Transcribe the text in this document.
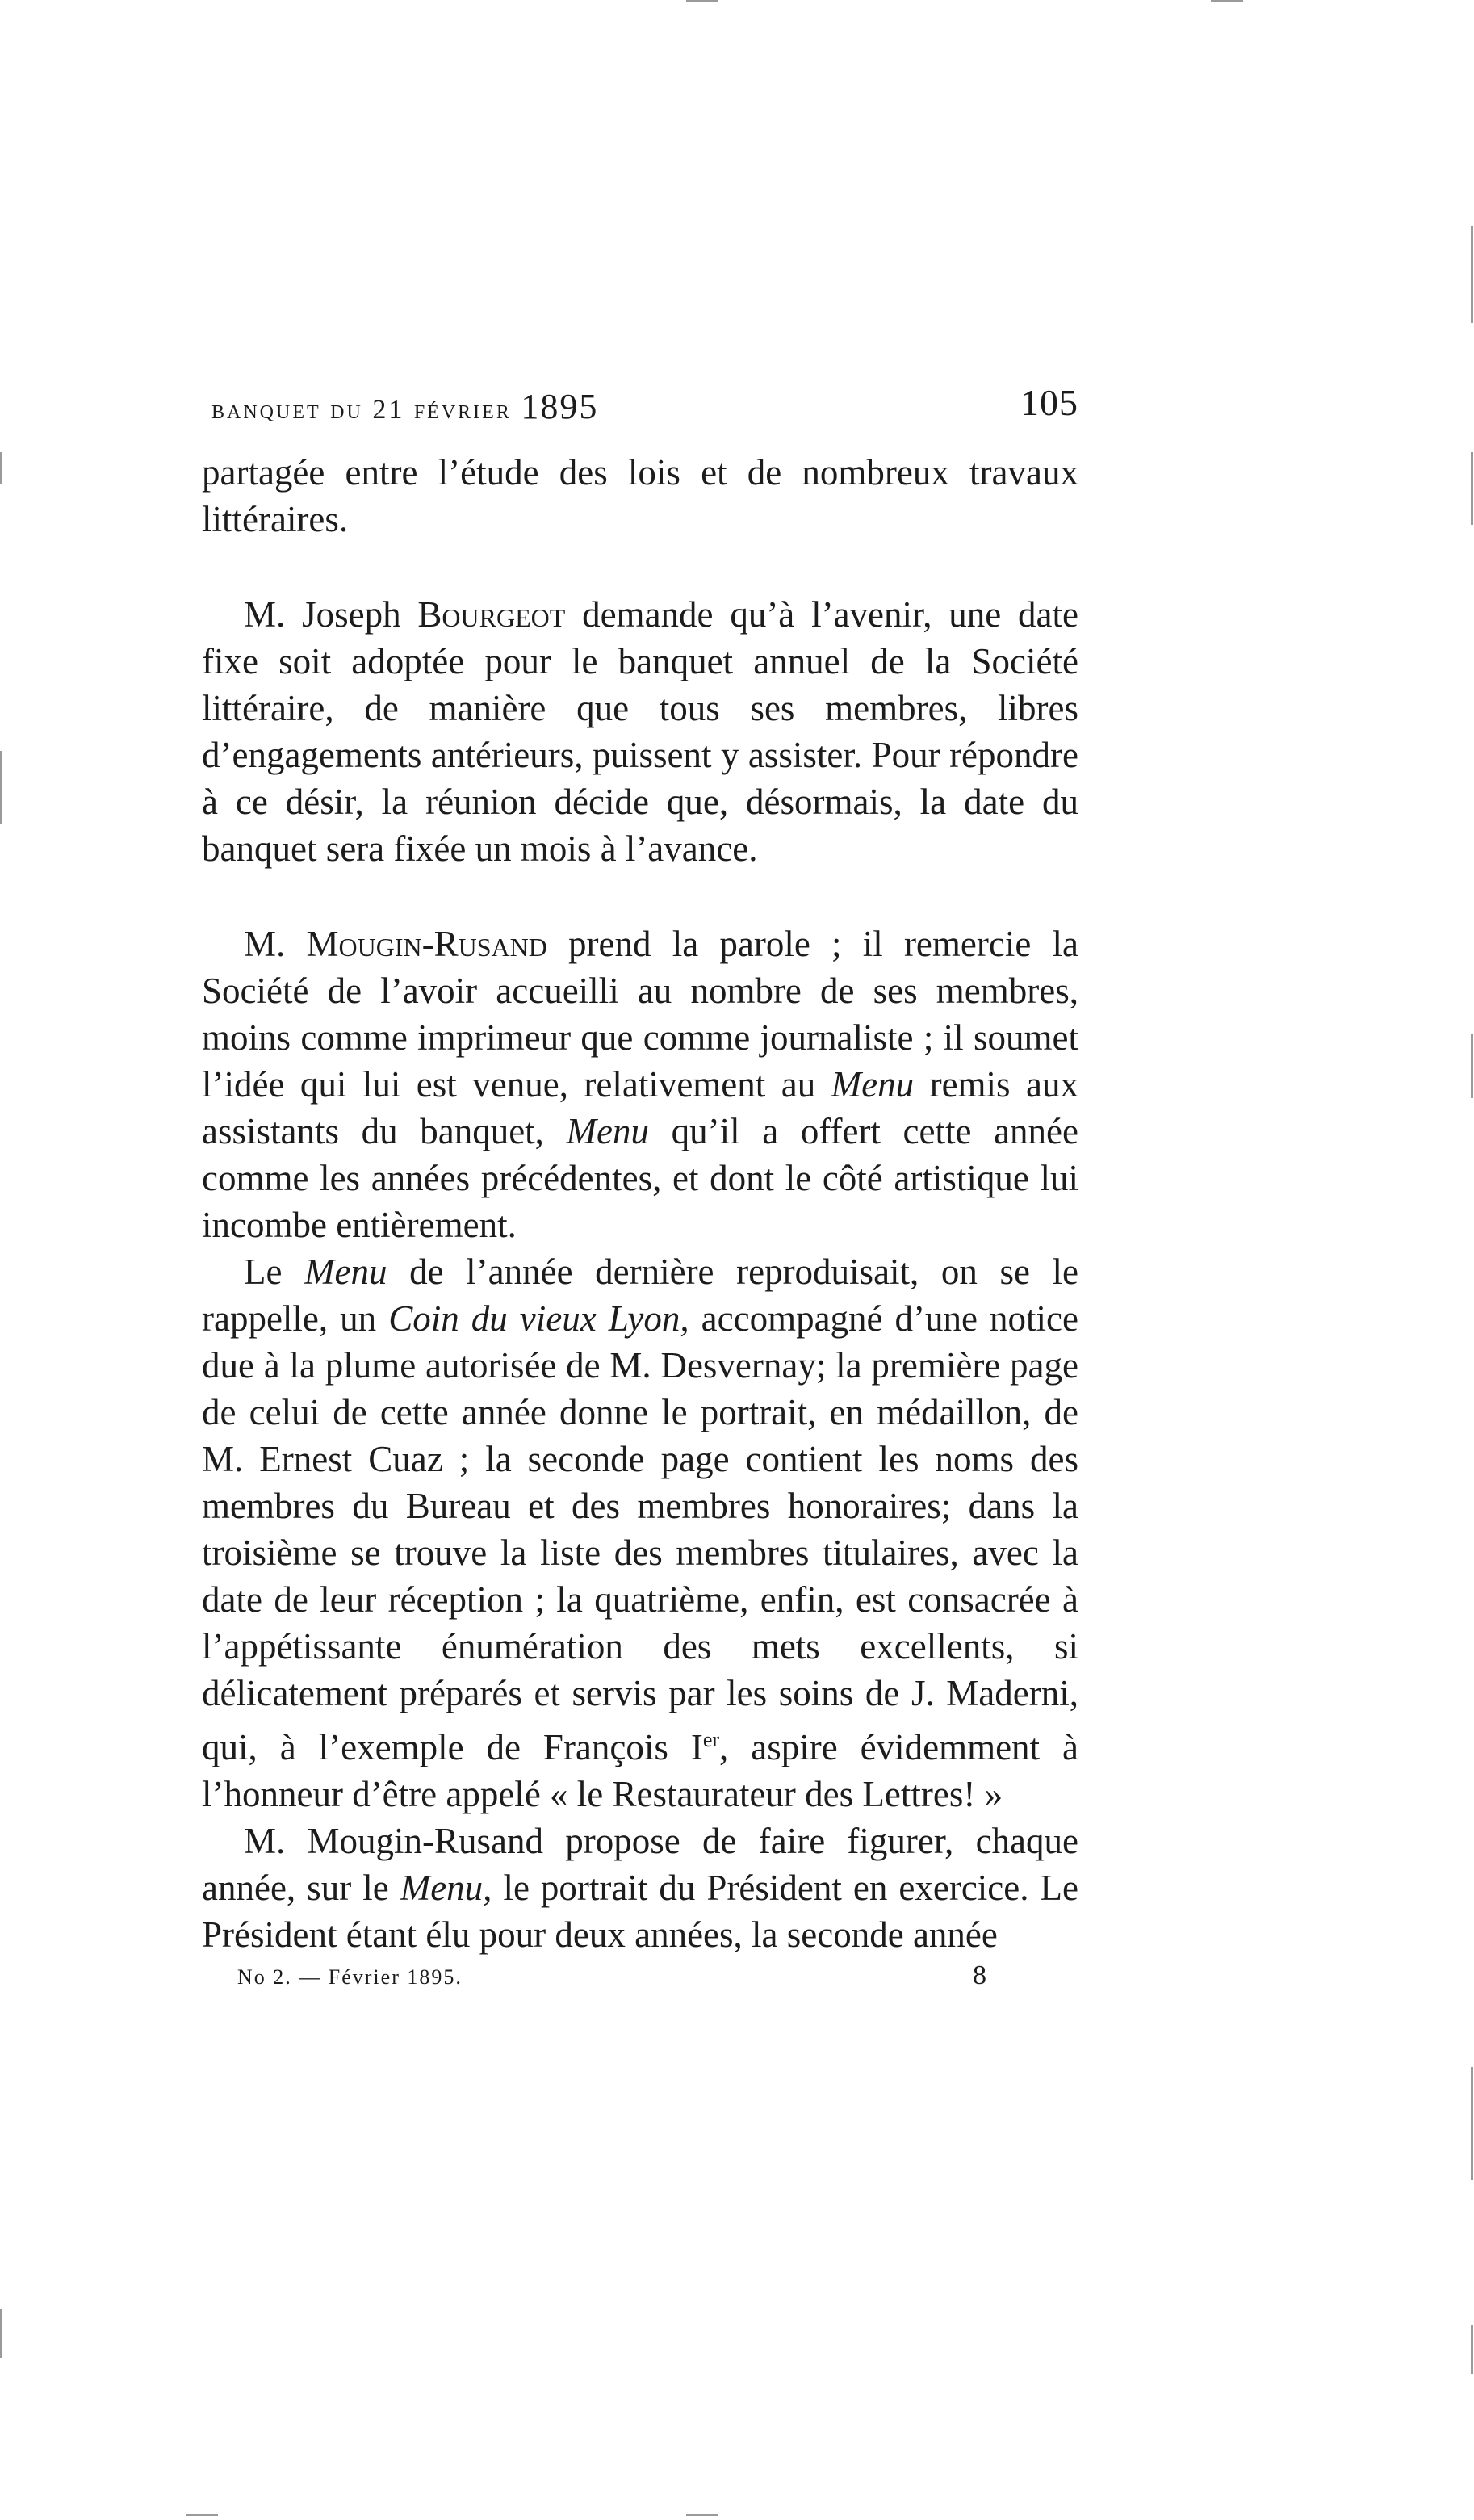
banquet du 21 février 1895	105

partagée entre l’étude des lois et de nombreux travaux littéraires.

M. Joseph Bourgeot demande qu’à l’avenir, une date fixe soit adoptée pour le banquet annuel de la Société littéraire, de manière que tous ses membres, libres d’engagements antérieurs, puissent y assister. Pour répondre à ce désir, la réunion décide que, désormais, la date du banquet sera fixée un mois à l’avance.

M. Mougin-Rusand prend la parole ; il remercie la Société de l’avoir accueilli au nombre de ses membres, moins comme imprimeur que comme journaliste ; il soumet l’idée qui lui est venue, relativement au Menu remis aux assistants du banquet, Menu qu’il a offert cette année comme les années précédentes, et dont le côté artistique lui incombe entièrement.

Le Menu de l’année dernière reproduisait, on se le rappelle, un Coin du vieux Lyon, accompagné d’une notice due à la plume autorisée de M. Desvernay; la première page de celui de cette année donne le portrait, en médaillon, de M. Ernest Cuaz ; la seconde page contient les noms des membres du Bureau et des membres honoraires; dans la troisième se trouve la liste des membres titulaires, avec la date de leur réception ; la quatrième, enfin, est consacrée à l’appétissante énumération des mets excellents, si délicatement préparés et servis par les soins de J. Maderni, qui, à l’exemple de François Ier, aspire évidemment à l’honneur d’être appelé « le Restaurateur des Lettres! »

M. Mougin-Rusand propose de faire figurer, chaque année, sur le Menu, le portrait du Président en exercice. Le Président étant élu pour deux années, la seconde année

No 2. — Février 1895.	8
